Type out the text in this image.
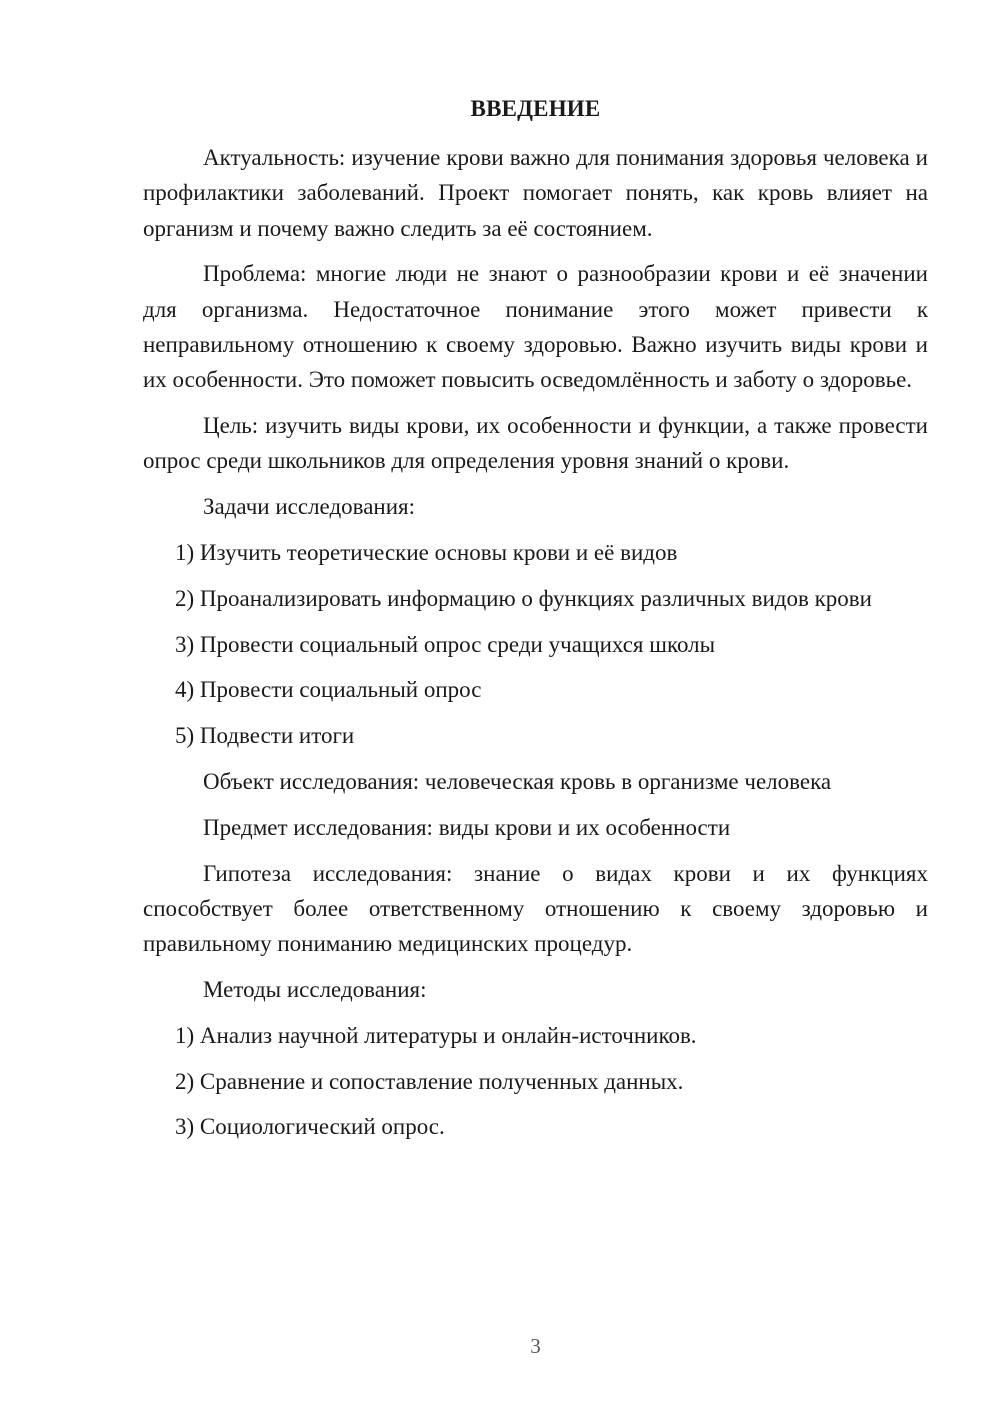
ВВЕДЕНИЕ

Актуальность: изучение крови важно для понимания здоровья человека и профилактики заболеваний. Проект помогает понять, как кровь влияет на организм и почему важно следить за её состоянием.

Проблема: многие люди не знают о разнообразии крови и её значении для организма. Недостаточное понимание этого может привести к неправильному отношению к своему здоровью. Важно изучить виды крови и их особенности. Это поможет повысить осведомлённость и заботу о здоровье.

Цель: изучить виды крови, их особенности и функции, а также провести опрос среди школьников для определения уровня знаний о крови.

Задачи исследования:

1) Изучить теоретические основы крови и её видов

2) Проанализировать информацию о функциях различных видов крови

3) Провести социальный опрос среди учащихся школы

4) Провести социальный опрос

5) Подвести итоги

Объект исследования: человеческая кровь в организме человека

Предмет исследования: виды крови и их особенности

Гипотеза исследования: знание о видах крови и их функциях способствует более ответственному отношению к своему здоровью и правильному пониманию медицинских процедур.

Методы исследования:

1) Анализ научной литературы и онлайн-источников.

2) Сравнение и сопоставление полученных данных.

3) Социологический опрос.

3
